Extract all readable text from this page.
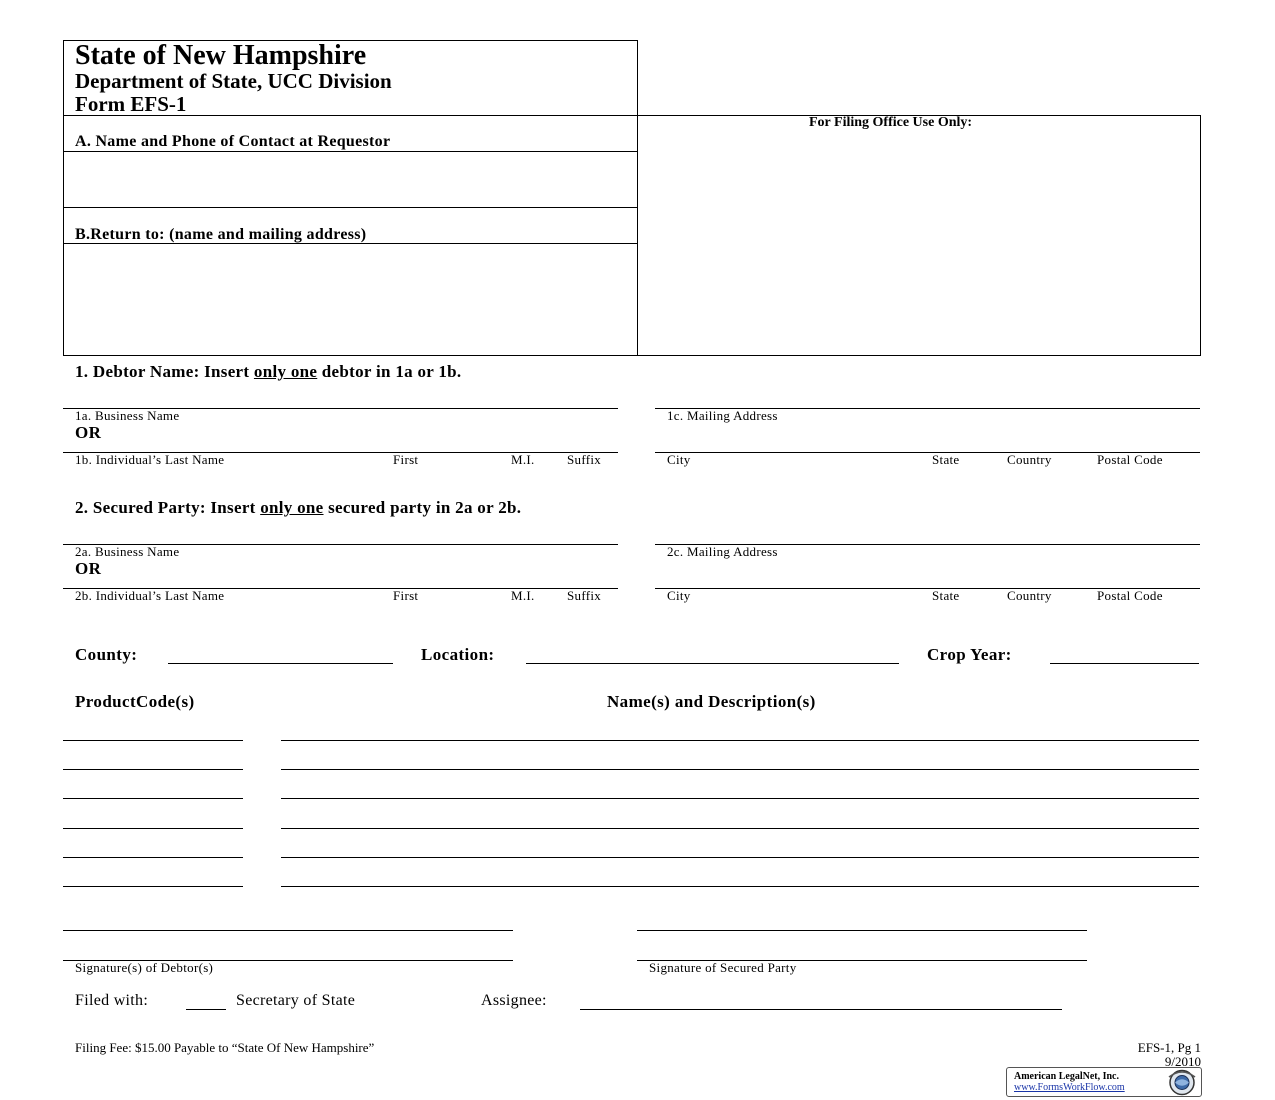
State of New Hampshire
Department of State, UCC Division
Form EFS-1
A. Name and Phone of Contact at Requestor
B.Return to: (name and mailing address)
For Filing Office Use Only:
1. Debtor Name: Insert only one debtor in 1a or 1b.
1a. Business Name
OR
1b. Individual’s Last Name	First	M.I. Suffix
1c. Mailing Address
City	State	Country	Postal Code
2. Secured Party: Insert only one secured party in 2a or 2b.
2a. Business Name
OR
2b. Individual’s Last Name	First	M.I. Suffix
2c. Mailing Address
City	State	Country	Postal Code
County:	Location:	Crop Year:
ProductCode(s)	Name(s) and Description(s)
Signature(s) of Debtor(s)	Signature of Secured Party
Filed with:	Secretary of State	Assignee:
Filing Fee: $15.00 Payable to “State Of New Hampshire”	EFS-1, Pg 1
9/2010
American LegalNet, Inc.
www.FormsWorkFlow.com
